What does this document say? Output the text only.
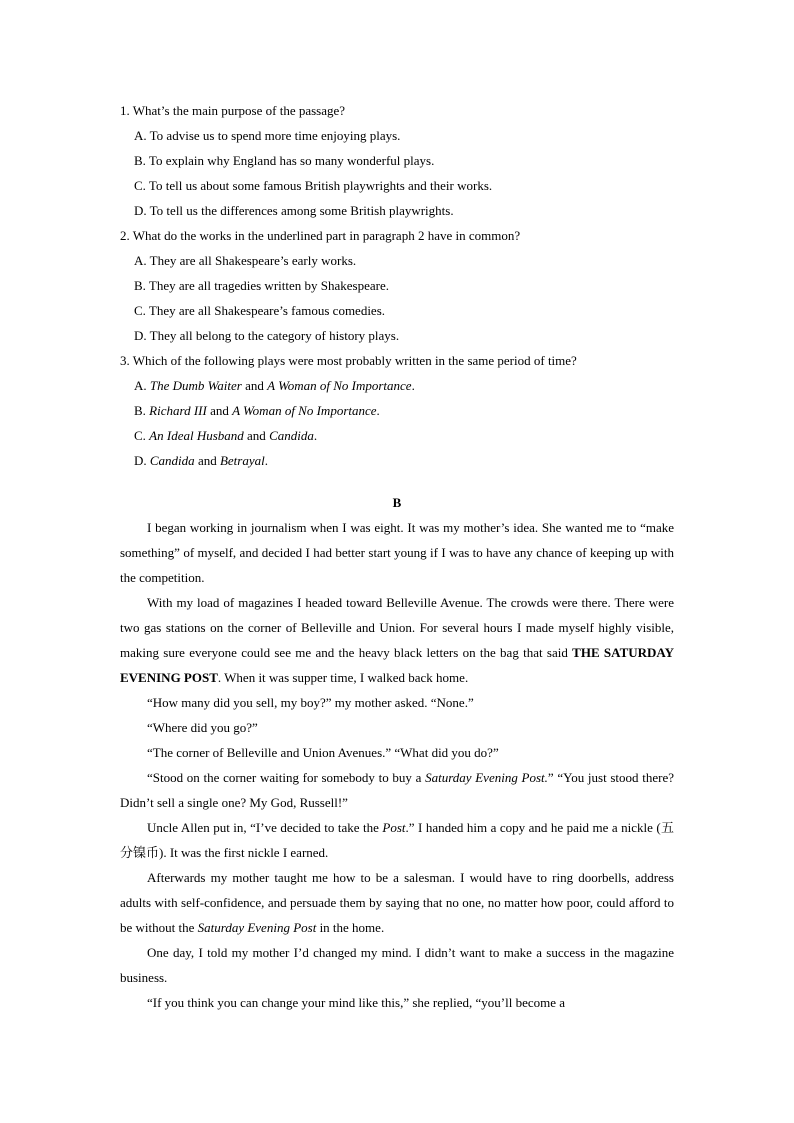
1. What’s the main purpose of the passage?
A. To advise us to spend more time enjoying plays.
B. To explain why England has so many wonderful plays.
C. To tell us about some famous British playwrights and their works.
D. To tell us the differences among some British playwrights.
2. What do the works in the underlined part in paragraph 2 have in common?
A. They are all Shakespeare’s early works.
B. They are all tragedies written by Shakespeare.
C. They are all Shakespeare’s famous comedies.
D. They all belong to the category of history plays.
3. Which of the following plays were most probably written in the same period of time?
A. The Dumb Waiter and A Woman of No Importance.
B. Richard III and A Woman of No Importance.
C. An Ideal Husband and Candida.
D. Candida and Betrayal.
B

I began working in journalism when I was eight. It was my mother’s idea. She wanted me to “make something” of myself, and decided I had better start young if I was to have any chance of keeping up with the competition.

With my load of magazines I headed toward Belleville Avenue. The crowds were there. There were two gas stations on the corner of Belleville and Union. For several hours I made myself highly visible, making sure everyone could see me and the heavy black letters on the bag that said THE SATURDAY EVENING POST. When it was supper time, I walked back home.

“How many did you sell, my boy?” my mother asked. “None.”

“Where did you go?”

“The corner of Belleville and Union Avenues.” “What did you do?”

“Stood on the corner waiting for somebody to buy a Saturday Evening Post.” “You just stood there? Didn’t sell a single one? My God, Russell!”

Uncle Allen put in, “I’ve decided to take the Post.” I handed him a copy and he paid me a nickle (五分镍币). It was the first nickle I earned.

Afterwards my mother taught me how to be a salesman. I would have to ring doorbells, address adults with self-confidence, and persuade them by saying that no one, no matter how poor, could afford to be without the Saturday Evening Post in the home.

One day, I told my mother I’d changed my mind. I didn’t want to make a success in the magazine business.

“If you think you can change your mind like this,” she replied, “you’ll become a
